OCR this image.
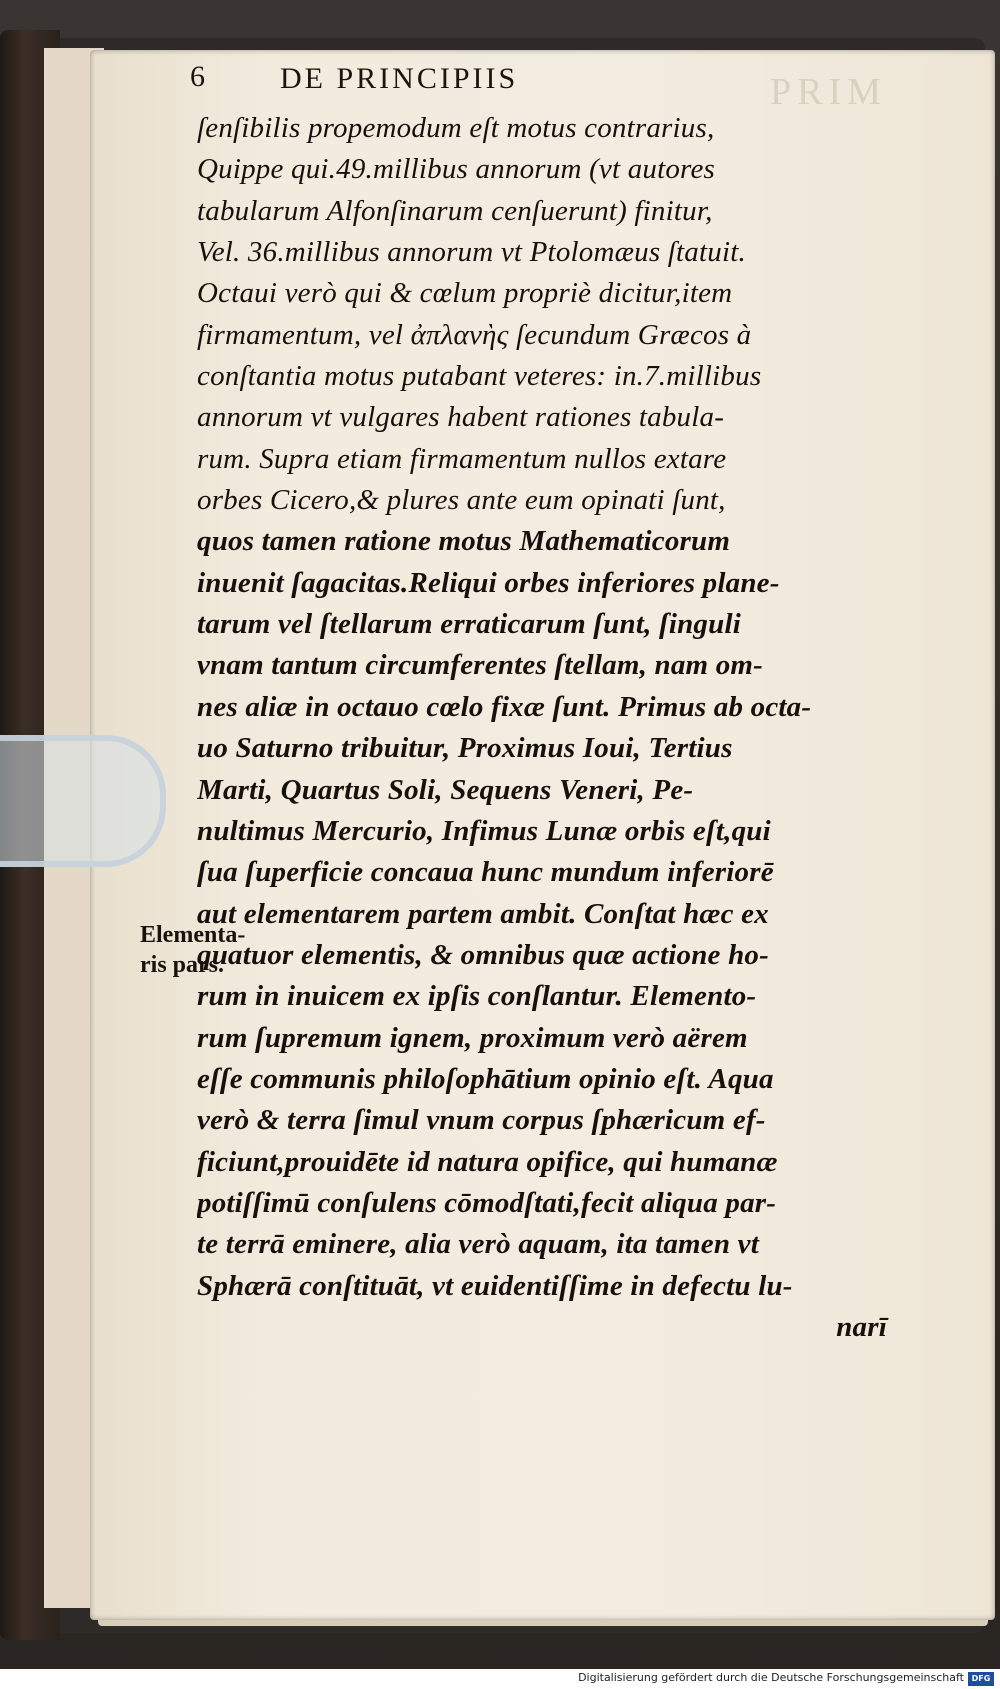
PRIM
6	DE PRINCIPIIS
ſenſibilis propemodum eſt motus contrarius,
Quippe qui.49.millibus annorum (vt autores
tabularum Alfonſinarum cenſuerunt) finitur,
Vel. 36.millibus annorum vt Ptolomæus ſtatuit.
Octaui verò qui & cœlum propriè dicitur,item
firmamentum, vel ἀπλανὴς ſecundum Græcos à
conſtantia motus putabant veteres: in.7.millibus
annorum vt vulgares habent rationes tabula-
rum. Supra etiam firmamentum nullos extare
orbes Cicero,& plures ante eum opinati ſunt,
quos tamen ratione motus Mathematicorum
inuenit ſagacitas.Reliqui orbes inferiores plane-
tarum vel ſtellarum erraticarum ſunt, ſinguli
vnam tantum circumferentes ſtellam, nam om-
nes aliæ in octauo cœlo fixæ ſunt. Primus ab octa-
uo Saturno tribuitur, Proximus Ioui, Tertius
Marti, Quartus Soli, Sequens Veneri, Pe-
nultimus Mercurio, Infimus Lunæ orbis eſt,qui
ſua ſuperficie concaua hunc mundum inferiorē
aut elementarem partem ambit. Conſtat hæc ex
quatuor elementis, & omnibus quæ actione ho-
rum in inuicem ex ipſis conſlantur. Elemento-
rum ſupremum ignem, proximum verò aërem
eſſe communis philoſophātium opinio eſt. Aqua
verò & terra ſimul vnum corpus ſphæricum ef-
ficiunt,prouidēte id natura opifice, qui humanæ
potiſſimū conſulens cōmodſtati,fecit aliqua par-
te terrā eminere, alia verò aquam, ita tamen vt
Sphærā conſtituāt, vt euidentiſſime in defectu lu-
narī
Elementa-
ris pars.
Digitalisierung gefördert durch die Deutsche Forschungsgemeinschaft DFG
